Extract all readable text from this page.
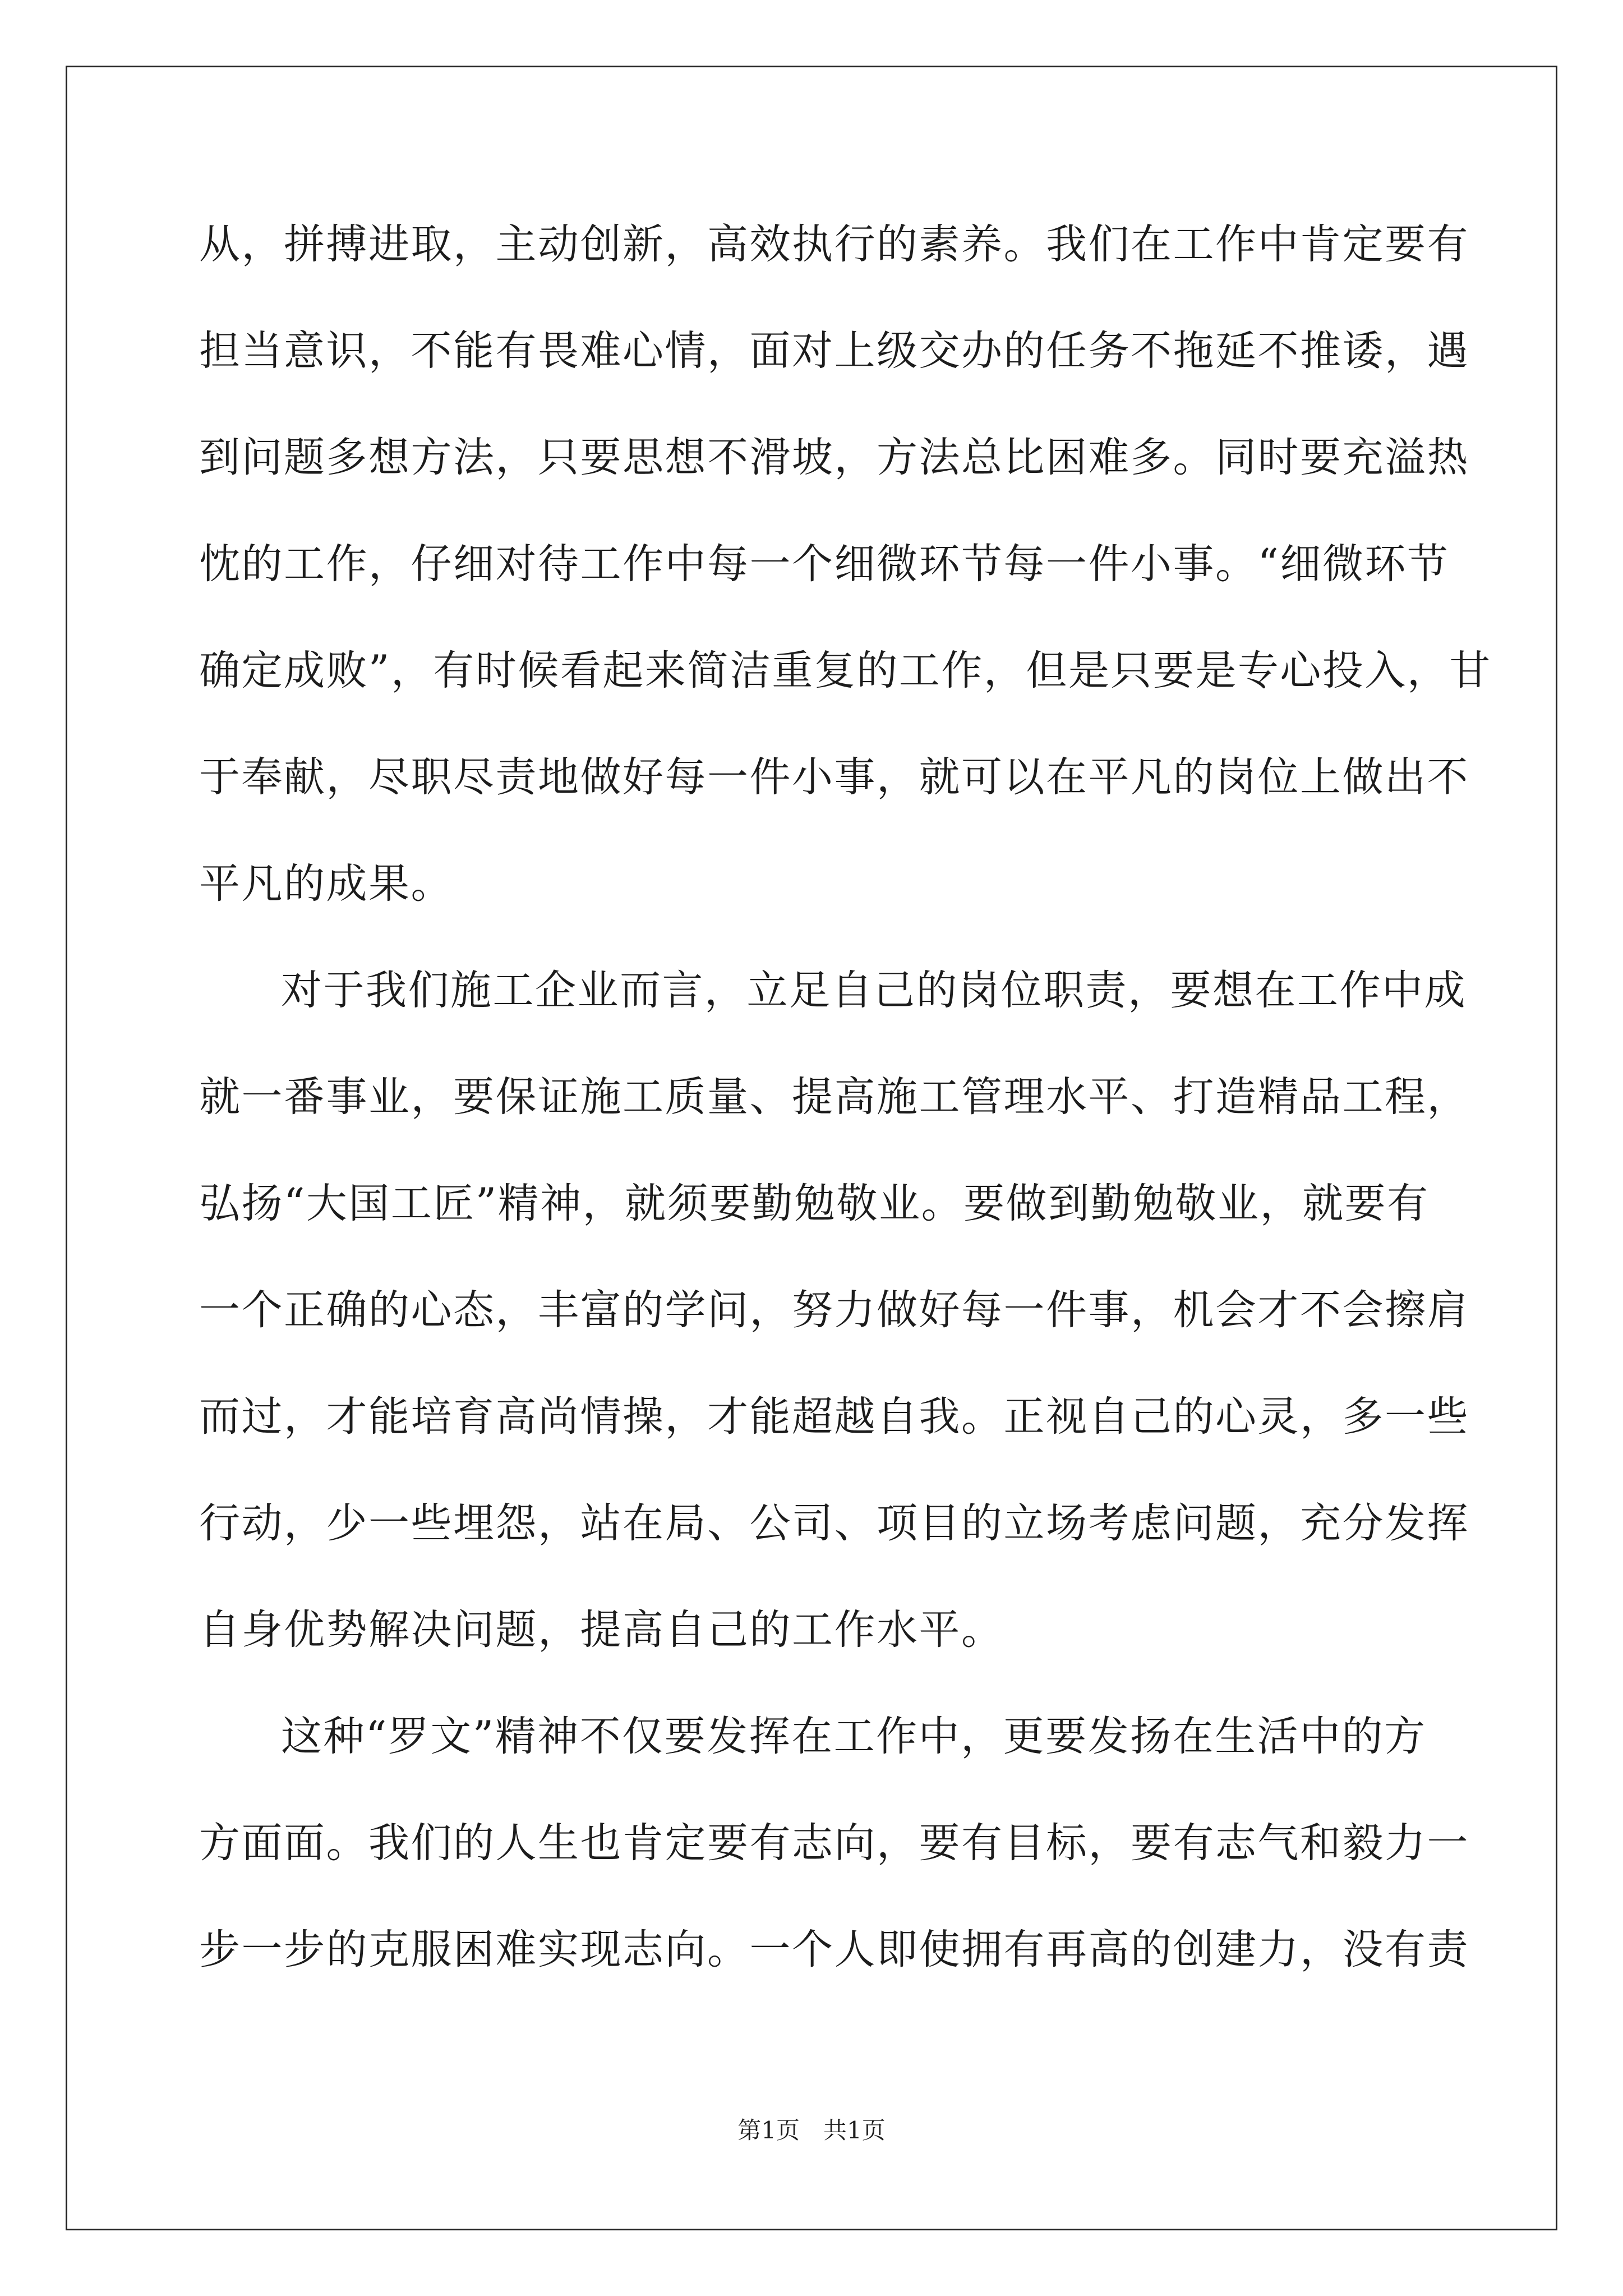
从，拼搏进取，主动创新，高效执行的素养。我们在工作中肯定要有
担当意识，不能有畏难心情，面对上级交办的任务不拖延不推诿，遇
到问题多想方法，只要思想不滑坡，方法总比困难多。同时要充溢热
忱的工作，仔细对待工作中每一个细微环节每一件小事。“细微环节
确定成败”，有时候看起来简洁重复的工作，但是只要是专心投入，甘
于奉献，尽职尽责地做好每一件小事，就可以在平凡的岗位上做出不
平凡的成果。
对于我们施工企业而言，立足自己的岗位职责，要想在工作中成
就一番事业，要保证施工质量、提高施工管理水平、打造精品工程，
弘扬“大国工匠”精神，就须要勤勉敬业。要做到勤勉敬业，就要有
一个正确的心态，丰富的学问，努力做好每一件事，机会才不会擦肩
而过，才能培育高尚情操，才能超越自我。正视自己的心灵，多一些
行动，少一些埋怨，站在局、公司、项目的立场考虑问题，充分发挥
自身优势解决问题，提高自己的工作水平。
这种“罗文”精神不仅要发挥在工作中，更要发扬在生活中的方
方面面。我们的人生也肯定要有志向，要有目标，要有志气和毅力一
步一步的克服困难实现志向。一个人即使拥有再高的创建力，没有责
第1页　共1页
